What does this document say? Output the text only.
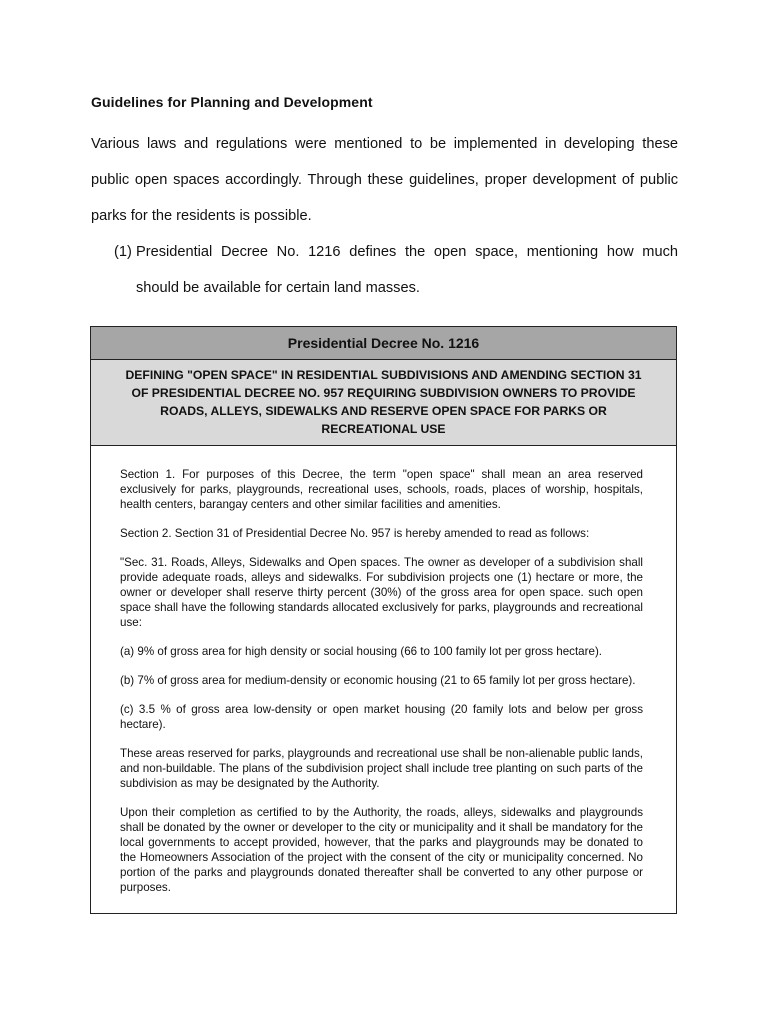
Guidelines for Planning and Development

Various laws and regulations were mentioned to be implemented in developing these public open spaces accordingly. Through these guidelines, proper development of public parks for the residents is possible.

(1) Presidential Decree No. 1216 defines the open space, mentioning how much should be available for certain land masses.
Presidential Decree No. 1216
DEFINING "OPEN SPACE" IN RESIDENTIAL SUBDIVISIONS AND AMENDING SECTION 31 OF PRESIDENTIAL DECREE NO. 957 REQUIRING SUBDIVISION OWNERS TO PROVIDE ROADS, ALLEYS, SIDEWALKS AND RESERVE OPEN SPACE FOR PARKS OR RECREATIONAL USE

Section 1. For purposes of this Decree, the term "open space" shall mean an area reserved exclusively for parks, playgrounds, recreational uses, schools, roads, places of worship, hospitals, health centers, barangay centers and other similar facilities and amenities.

Section 2. Section 31 of Presidential Decree No. 957 is hereby amended to read as follows:

"Sec. 31. Roads, Alleys, Sidewalks and Open spaces. The owner as developer of a subdivision shall provide adequate roads, alleys and sidewalks. For subdivision projects one (1) hectare or more, the owner or developer shall reserve thirty percent (30%) of the gross area for open space. such open space shall have the following standards allocated exclusively for parks, playgrounds and recreational use:

(a) 9% of gross area for high density or social housing (66 to 100 family lot per gross hectare).

(b) 7% of gross area for medium-density or economic housing (21 to 65 family lot per gross hectare).

(c) 3.5 % of gross area low-density or open market housing (20 family lots and below per gross hectare).

These areas reserved for parks, playgrounds and recreational use shall be non-alienable public lands, and non-buildable. The plans of the subdivision project shall include tree planting on such parts of the subdivision as may be designated by the Authority.

Upon their completion as certified to by the Authority, the roads, alleys, sidewalks and playgrounds shall be donated by the owner or developer to the city or municipality and it shall be mandatory for the local governments to accept provided, however, that the parks and playgrounds may be donated to the Homeowners Association of the project with the consent of the city or municipality concerned. No portion of the parks and playgrounds donated thereafter shall be converted to any other purpose or purposes.
